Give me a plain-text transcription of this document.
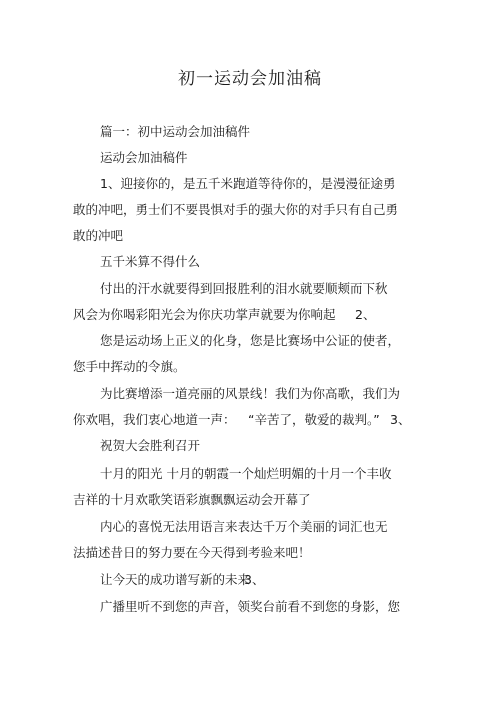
初一运动会加油稿
篇一：初中运动会加油稿件
运动会加油稿件
1、迎接你的，是五千米跑道等待你的，是漫漫征途勇
敢的冲吧，勇士们不要畏惧对手的强大你的对手只有自己勇
敢的冲吧
五千米算不得什么
付出的汗水就要得到回报胜利的泪水就要顺颊而下秋
风会为你喝彩阳光会为你庆功掌声就要为你响起 2、
您是运动场上正义的化身，您是比赛场中公证的使者，
您手中挥动的令旗。
为比赛增添一道亮丽的风景线！我们为你高歌，我们为
你欢唱，我们衷心地道一声： “辛苦了，敬爱的裁判。” 3、
祝贺大会胜利召开
十月的阳光 十月的朝霞一个灿烂明媚的十月一个丰收
吉祥的十月欢歌笑语彩旗飘飘运动会开幕了
内心的喜悦无法用语言来表达千万个美丽的词汇也无
法描述昔日的努力要在今天得到考验来吧！
让今天的成功谱写新的未来
3、
广播里听不到您的声音，领奖台前看不到您的身影，您
